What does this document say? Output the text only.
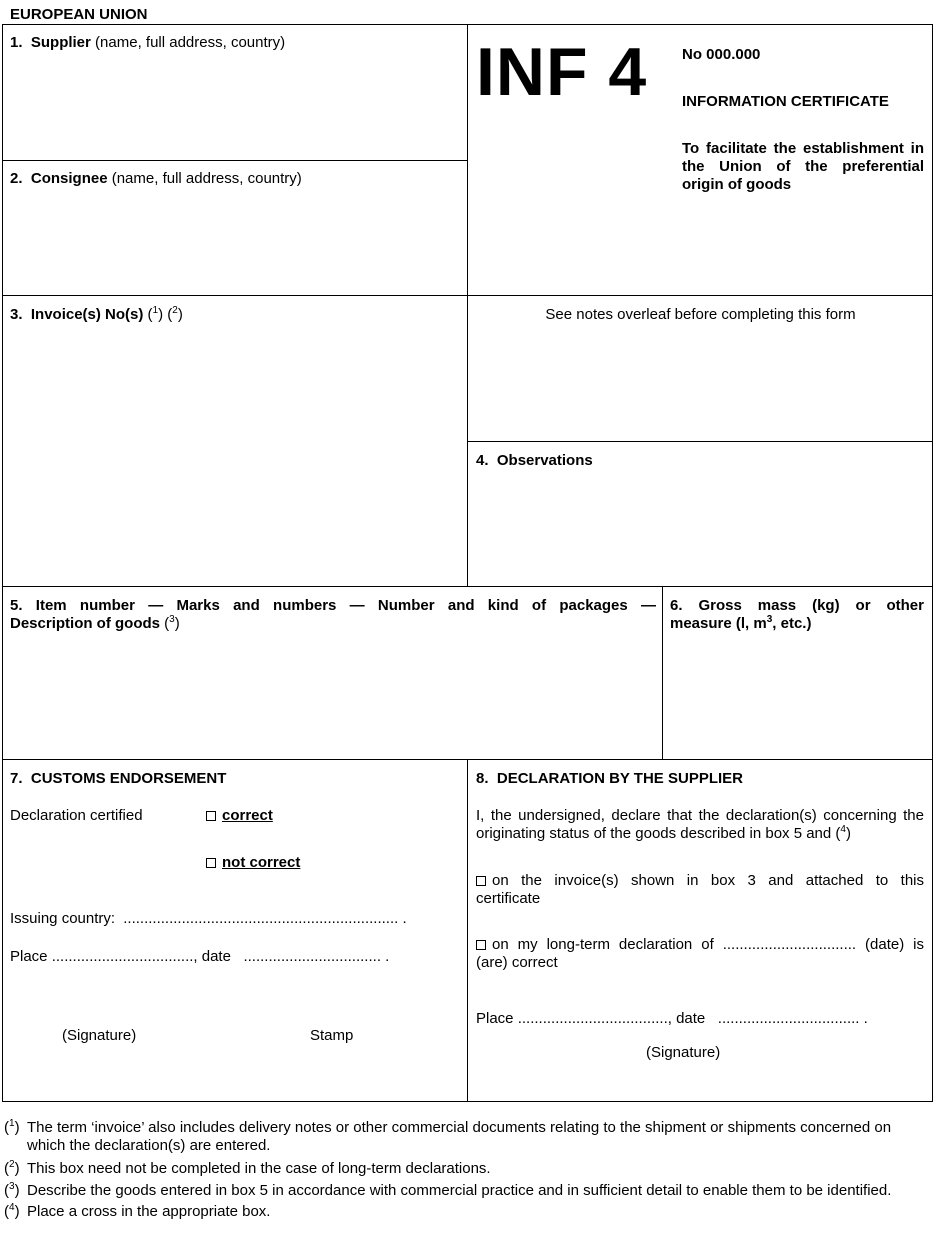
EUROPEAN UNION
1. Supplier (name, full address, country)
2. Consignee (name, full address, country)
INF 4 No 000.000
INFORMATION CERTIFICATE
To facilitate the establishment in the Union of the preferential origin of goods
3. Invoice(s) No(s) ($^1$) ($^2$)	See notes overleaf before completing this form
4. Observations
5. Item number — Marks and numbers — Number and kind of packages —
Description of goods ($^3$)
6. Gross mass (kg) or other
measure (l, $m^3$, etc.)
7. CUSTOMS ENDORSEMENT
Declaration certified	correct
not correct
Issuing country: .................................................................. .
Place .................................., date ................................. .
(Signature)	Stamp
8. DECLARATION BY THE SUPPLIER
I, the undersigned, declare that the declaration(s) concerning the
originating status of the goods described in box 5 and ($^4$)
on the invoice(s) shown in box 3 and attached to this
certificate
on my long-term declaration of ................................ (date) is
(are) correct
Place ...................................., date .................................. .
(Signature)
($^1$) The term ‘invoice’ also includes delivery notes or other commercial documents relating to the shipment or shipments concerned on which the declaration(s) are entered.
($^2$) This box need not be completed in the case of long-term declarations.
($^3$) Describe the goods entered in box 5 in accordance with commercial practice and in sufficient detail to enable them to be identified.
($^4$) Place a cross in the appropriate box.
